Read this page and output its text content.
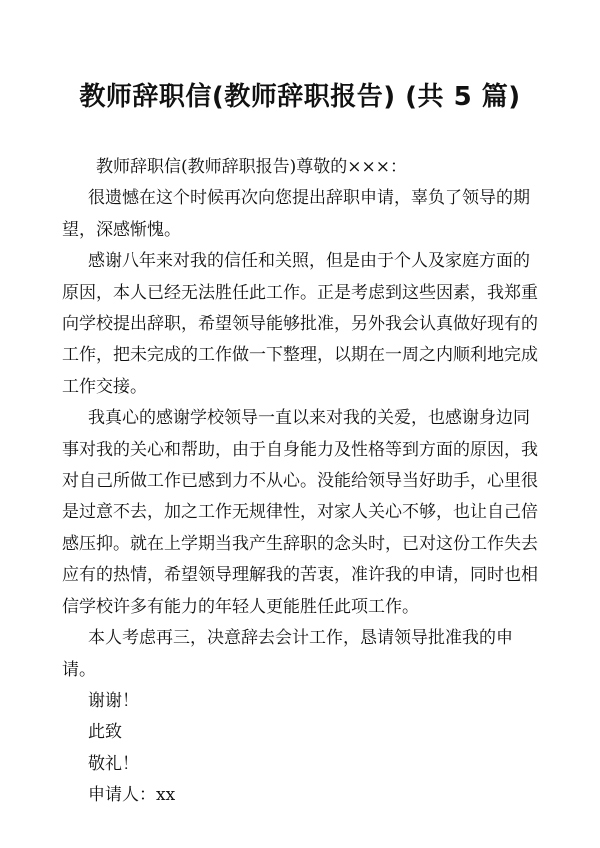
教师辞职信(教师辞职报告) (共 5 篇)

教师辞职信(教师辞职报告)尊敬的×××：

很遗憾在这个时候再次向您提出辞职申请，辜负了领导的期望，深感惭愧。

感谢八年来对我的信任和关照，但是由于个人及家庭方面的原因，本人已经无法胜任此工作。正是考虑到这些因素，我郑重向学校提出辞职，希望领导能够批准，另外我会认真做好现有的工作，把未完成的工作做一下整理，以期在一周之内顺利地完成工作交接。

我真心的感谢学校领导一直以来对我的关爱，也感谢身边同事对我的关心和帮助，由于自身能力及性格等到方面的原因，我对自己所做工作已感到力不从心。没能给领导当好助手，心里很是过意不去，加之工作无规律性，对家人关心不够，也让自己倍感压抑。就在上学期当我产生辞职的念头时，已对这份工作失去应有的热情，希望领导理解我的苦衷，准许我的申请，同时也相信学校许多有能力的年轻人更能胜任此项工作。

本人考虑再三，决意辞去会计工作，恳请领导批准我的申请。

谢谢！

此致

敬礼！

申请人：xx
